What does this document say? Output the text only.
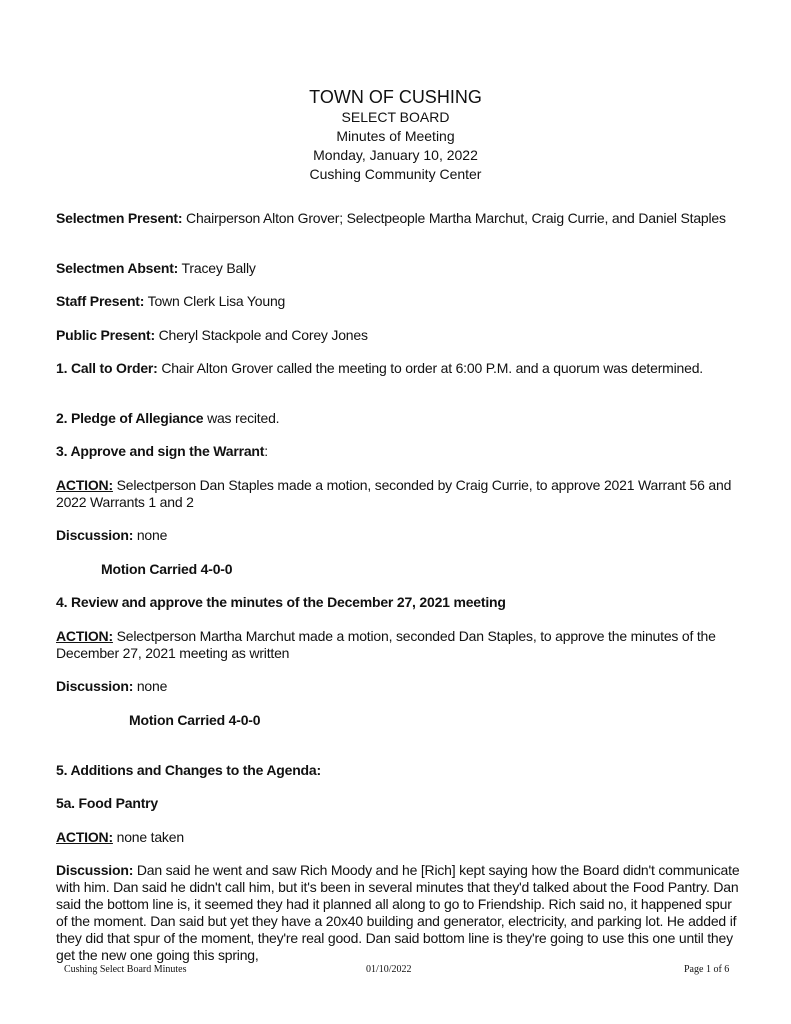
TOWN OF CUSHING
SELECT BOARD
Minutes of Meeting
Monday, January 10, 2022
Cushing Community Center
Selectmen Present: Chairperson Alton Grover; Selectpeople Martha Marchut, Craig Currie, and Daniel Staples
Selectmen Absent: Tracey Bally
Staff Present: Town Clerk Lisa Young
Public Present: Cheryl Stackpole and Corey Jones
1. Call to Order: Chair Alton Grover called the meeting to order at 6:00 P.M. and a quorum was determined.
2. Pledge of Allegiance was recited.
3. Approve and sign the Warrant:
ACTION: Selectperson Dan Staples made a motion, seconded by Craig Currie, to approve 2021 Warrant 56 and 2022 Warrants 1 and 2
Discussion: none
Motion Carried 4-0-0
4. Review and approve the minutes of the December 27, 2021 meeting
ACTION: Selectperson Martha Marchut made a motion, seconded Dan Staples, to approve the minutes of the December 27, 2021 meeting as written
Discussion: none
Motion Carried 4-0-0
5. Additions and Changes to the Agenda:
5a. Food Pantry
ACTION: none taken
Discussion: Dan said he went and saw Rich Moody and he [Rich] kept saying how the Board didn't communicate with him. Dan said he didn't call him, but it's been in several minutes that they'd talked about the Food Pantry. Dan said the bottom line is, it seemed they had it planned all along to go to Friendship. Rich said no, it happened spur of the moment. Dan said but yet they have a 20x40 building and generator, electricity, and parking lot. He added if they did that spur of the moment, they're real good. Dan said bottom line is they're going to use this one until they get the new one going this spring,
Cushing Select Board Minutes	01/10/2022	Page 1 of 6
